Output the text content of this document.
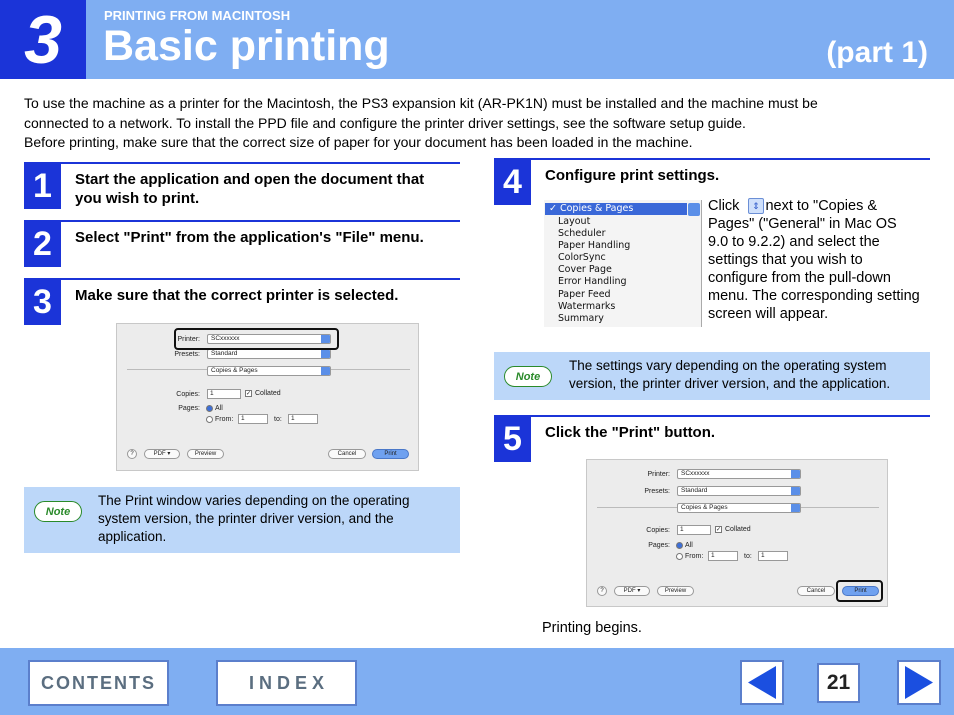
3	PRINTING FROM MACINTOSH
Basic printing	(part 1)
To use the machine as a printer for the Macintosh, the PS3 expansion kit (AR-PK1N) must be installed and the machine must be
connected to a network. To install the PPD file and configure the printer driver settings, see the software setup guide.
Before printing, make sure that the correct size of paper for your document has been loaded in the machine.
1	Start the application and open the document that you wish to print.
2	Select "Print" from the application's "File" menu.
3	Make sure that the correct printer is selected.
Printer:	SCxxxxxx
Presets:	Standard
Copies & Pages
Copies:	1	✓ Collated
Pages: All
From:	1	to:	1
?	PDF ▾	Preview	Cancel	Print
Note
The Print window varies depending on the operating system version, the printer driver version, and the application.
4	Configure print settings.
✓ Copies & Pages
Layout
Scheduler
Paper Handling
ColorSync
Cover Page
Error Handling
Paper Feed
Watermarks
Summary
Click	⇕ next to "Copies & Pages" ("General" in Mac OS 9.0 to 9.2.2) and select the settings that you wish to configure from the pull-down menu. The corresponding setting screen will appear.
Note
The settings vary depending on the operating system version, the printer driver version, and the application.
5	Click the "Print" button.
Printer:	SCxxxxxx
Presets:	Standard
Copies & Pages
Copies:	1	✓ Collated
Pages: All
From:	1	to:	1
?	PDF ▾	Preview	Cancel	Print
Printing begins.
CONTENTS	I N D E X	21
